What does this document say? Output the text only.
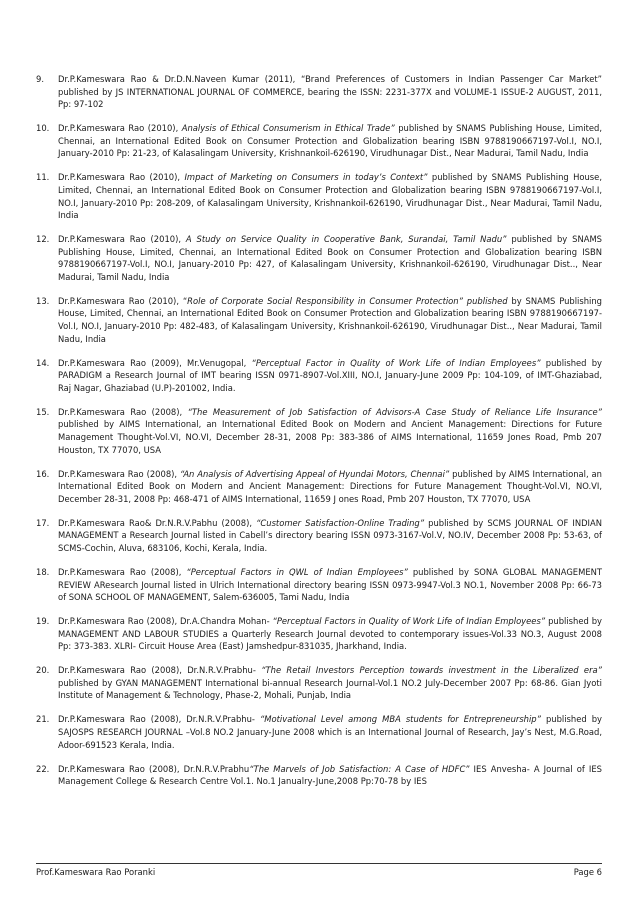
9. Dr.P.Kameswara Rao & Dr.D.N.Naveen Kumar (2011), “Brand Preferences of Customers in Indian Passenger Car Market” published by JS INTERNATIONAL JOURNAL OF COMMERCE, bearing the ISSN: 2231-377X and VOLUME-1 ISSUE-2 AUGUST, 2011, Pp: 97-102
10. Dr.P.Kameswara Rao (2010), Analysis of Ethical Consumerism in Ethical Trade” published by SNAMS Publishing House, Limited, Chennai, an International Edited Book on Consumer Protection and Globalization bearing ISBN 9788190667197-Vol.I, NO.I, January-2010 Pp: 21-23, of Kalasalingam University, Krishnankoil-626190, Virudhunagar Dist., Near Madurai, Tamil Nadu, India
11. Dr.P.Kameswara Rao (2010), Impact of Marketing on Consumers in today’s Context” published by SNAMS Publishing House, Limited, Chennai, an International Edited Book on Consumer Protection and Globalization bearing ISBN 9788190667197-Vol.I, NO.I, January-2010 Pp: 208-209, of Kalasalingam University, Krishnankoil-626190, Virudhunagar Dist., Near Madurai, Tamil Nadu, India
12. Dr.P.Kameswara Rao (2010), A Study on Service Quality in Cooperative Bank, Surandai, Tamil Nadu” published by SNAMS Publishing House, Limited, Chennai, an International Edited Book on Consumer Protection and Globalization bearing ISBN 9788190667197-Vol.I, NO.I, January-2010 Pp: 427, of Kalasalingam University, Krishnankoil-626190, Virudhunagar Dist.., Near Madurai, Tamil Nadu, India
13. Dr.P.Kameswara Rao (2010), “Role of Corporate Social Responsibility in Consumer Protection” published by SNAMS Publishing House, Limited, Chennai, an International Edited Book on Consumer Protection and Globalization bearing ISBN 9788190667197-Vol.I, NO.I, January-2010 Pp: 482-483, of Kalasalingam University, Krishnankoil-626190, Virudhunagar Dist.., Near Madurai, Tamil Nadu, India
14. Dr.P.Kameswara Rao (2009), Mr.Venugopal, “Perceptual Factor in Quality of Work Life of Indian Employees” published by PARADIGM a Research Journal of IMT bearing ISSN 0971-8907-Vol.XIII, NO.I, January-June 2009 Pp: 104-109, of IMT-Ghaziabad, Raj Nagar, Ghaziabad (U.P)-201002, India.
15. Dr.P.Kameswara Rao (2008), “The Measurement of Job Satisfaction of Advisors-A Case Study of Reliance Life Insurance” published by AIMS International, an International Edited Book on Modern and Ancient Management: Directions for Future Management Thought-Vol.VI, NO.VI, December 28-31, 2008 Pp: 383-386 of AIMS International, 11659 Jones Road, Pmb 207 Houston, TX 77070, USA
16. Dr.P.Kameswara Rao (2008), “An Analysis of Advertising Appeal of Hyundai Motors, Chennai” published by AIMS International, an International Edited Book on Modern and Ancient Management: Directions for Future Management Thought-Vol.VI, NO.VI, December 28-31, 2008 Pp: 468-471 of AIMS International, 11659 J ones Road, Pmb 207 Houston, TX 77070, USA
17. Dr.P.Kameswara Rao& Dr.N.R.V.Pabhu (2008), “Customer Satisfaction-Online Trading” published by SCMS JOURNAL OF INDIAN MANAGEMENT a Research Journal listed in Cabell’s directory bearing ISSN 0973-3167-Vol.V, NO.IV, December 2008 Pp: 53-63, of SCMS-Cochin, Aluva, 683106, Kochi, Kerala, India.
18. Dr.P.Kameswara Rao (2008), “Perceptual Factors in QWL of Indian Employees” published by SONA GLOBAL MANAGEMENT REVIEW AResearch Journal listed in Ulrich International directory bearing ISSN 0973-9947-Vol.3 NO.1, November 2008 Pp: 66-73 of SONA SCHOOL OF MANAGEMENT, Salem-636005, Tami Nadu, India
19. Dr.P.Kameswara Rao (2008), Dr.A.Chandra Mohan- “Perceptual Factors in Quality of Work Life of Indian Employees” published by MANAGEMENT AND LABOUR STUDIES a Quarterly Research Journal devoted to contemporary issues-Vol.33 NO.3, August 2008 Pp: 373-383. XLRI- Circuit House Area (East) Jamshedpur-831035, Jharkhand, India.
20. Dr.P.Kameswara Rao (2008), Dr.N.R.V.Prabhu- “The Retail Investors Perception towards investment in the Liberalized era” published by GYAN MANAGEMENT International bi-annual Research Journal-Vol.1 NO.2 July-December 2007 Pp: 68-86. Gian Jyoti Institute of Management & Technology, Phase-2, Mohali, Punjab, India
21. Dr.P.Kameswara Rao (2008), Dr.N.R.V.Prabhu- “Motivational Level among MBA students for Entrepreneurship” published by SAJOSPS RESEARCH JOURNAL –Vol.8 NO.2 January-June 2008 which is an International Journal of Research, Jay’s Nest, M.G.Road, Adoor-691523 Kerala, India.
22. Dr.P.Kameswara Rao (2008), Dr.N.R.V.Prabhu“The Marvels of Job Satisfaction: A Case of HDFC” IES Anvesha- A Journal of IES Management College & Research Centre Vol.1. No.1 Janualry-June,2008 Pp:70-78 by IES
Prof.Kameswara Rao Poranki	Page 6
